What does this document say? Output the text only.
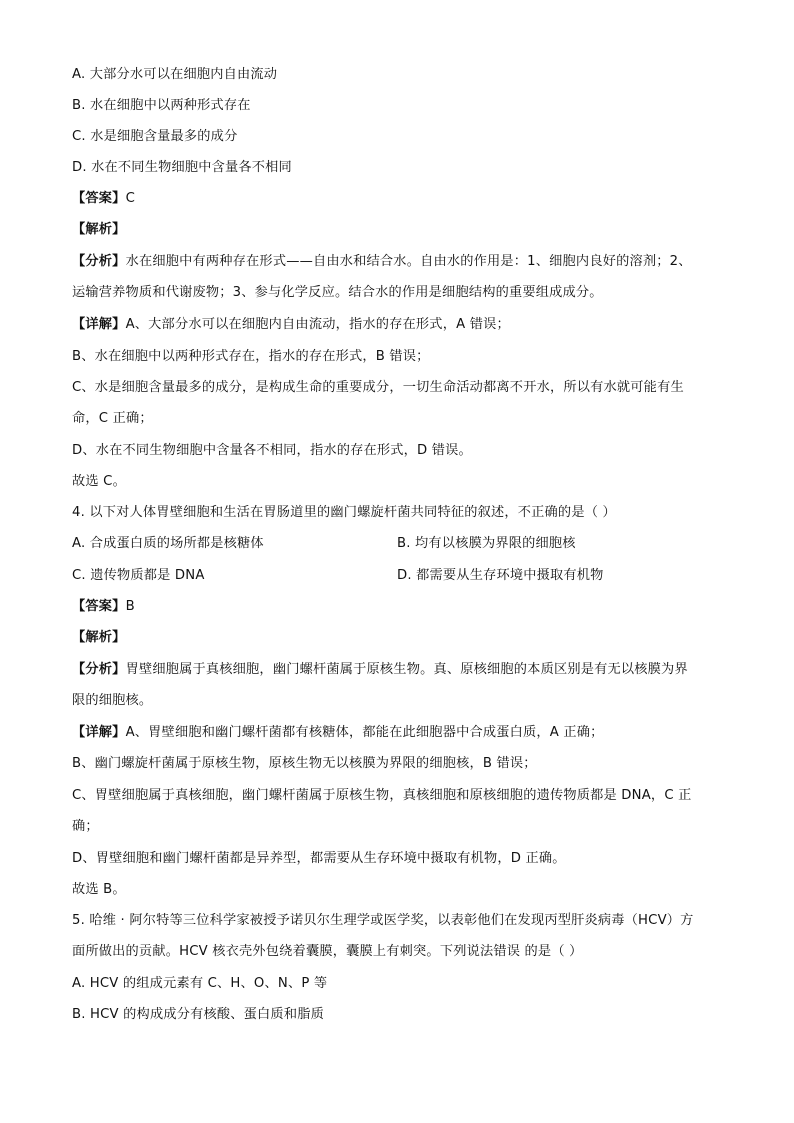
A. 大部分水可以在细胞内自由流动
B. 水在细胞中以两种形式存在
C. 水是细胞含量最多的成分
D. 水在不同生物细胞中含量各不相同
【答案】C
【解析】
【分析】水在细胞中有两种存在形式——自由水和结合水。自由水的作用是：1、细胞内良好的溶剂；2、
运输营养物质和代谢废物；3、参与化学反应。结合水的作用是细胞结构的重要组成成分。
【详解】A、大部分水可以在细胞内自由流动，指水的存在形式，A 错误；
B、水在细胞中以两种形式存在，指水的存在形式，B 错误；
C、水是细胞含量最多的成分，是构成生命的重要成分，一切生命活动都离不开水，所以有水就可能有生
命，C 正确；
D、水在不同生物细胞中含量各不相同，指水的存在形式，D 错误。
故选 C。
4. 以下对人体胃壁细胞和生活在胃肠道里的幽门螺旋杆菌共同特征的叙述，不正确的是（ ）
A. 合成蛋白质的场所都是核糖体	B. 均有以核膜为界限的细胞核
C. 遗传物质都是 DNA	D. 都需要从生存环境中摄取有机物
【答案】B
【解析】
【分析】胃壁细胞属于真核细胞，幽门螺杆菌属于原核生物。真、原核细胞的本质区别是有无以核膜为界
限的细胞核。
【详解】A、胃壁细胞和幽门螺杆菌都有核糖体，都能在此细胞器中合成蛋白质，A 正确；
B、幽门螺旋杆菌属于原核生物，原核生物无以核膜为界限的细胞核，B 错误；
C、胃壁细胞属于真核细胞，幽门螺杆菌属于原核生物，真核细胞和原核细胞的遗传物质都是 DNA，C 正
确；
D、胃壁细胞和幽门螺杆菌都是异养型，都需要从生存环境中摄取有机物，D 正确。
故选 B。
5. 哈维 · 阿尔特等三位科学家被授予诺贝尔生理学或医学奖，以表彰他们在发现丙型肝炎病毒（HCV）方
面所做出的贡献。HCV 核衣壳外包绕着囊膜，囊膜上有刺突。下列说法错误 的是（ ）
A. HCV 的组成元素有 C、H、O、N、P 等
B. HCV 的构成成分有核酸、蛋白质和脂质
